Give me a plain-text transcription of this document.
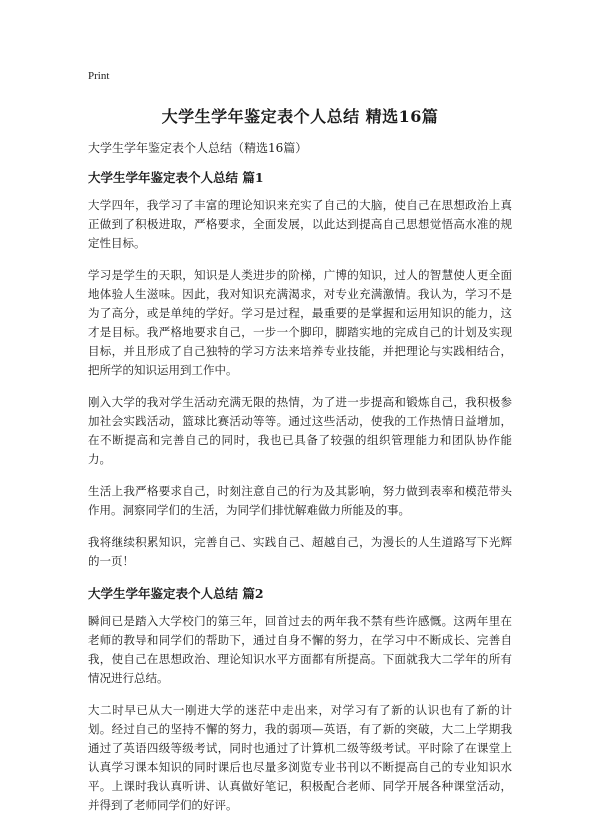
Print
大学生学年鉴定表个人总结 精选16篇
大学生学年鉴定表个人总结（精选16篇）
大学生学年鉴定表个人总结 篇1

大学四年，我学习了丰富的理论知识来充实了自己的大脑，使自己在思想政治上真正做到了积极进取，严格要求，全面发展，以此达到提高自己思想觉悟高水准的规定性目标。

学习是学生的天职，知识是人类进步的阶梯，广博的知识，过人的智慧使人更全面地体验人生滋味。因此，我对知识充满渴求，对专业充满激情。我认为，学习不是为了高分，或是单纯的学好。学习是过程，最重要的是掌握和运用知识的能力，这才是目标。我严格地要求自己，一步一个脚印，脚踏实地的完成自己的计划及实现目标，并且形成了自己独特的学习方法来培养专业技能，并把理论与实践相结合，把所学的知识运用到工作中。

刚入大学的我对学生活动充满无限的热情，为了进一步提高和锻炼自己，我积极参加社会实践活动，篮球比赛活动等等。通过这些活动，使我的工作热情日益增加，在不断提高和完善自己的同时，我也已具备了较强的组织管理能力和团队协作能力。

生活上我严格要求自己，时刻注意自己的行为及其影响，努力做到表率和模范带头作用。洞察同学们的生活，为同学们排忧解难做力所能及的事。

我将继续积累知识，完善自己、实践自己、超越自己，为漫长的人生道路写下光辉的一页！

大学生学年鉴定表个人总结 篇2

瞬间已是踏入大学校门的第三年，回首过去的两年我不禁有些许感慨。这两年里在老师的教导和同学们的帮助下，通过自身不懈的努力，在学习中不断成长、完善自我，使自己在思想政治、理论知识水平方面都有所提高。下面就我大二学年的所有情况进行总结。

大二时早已从大一刚进大学的迷茫中走出来，对学习有了新的认识也有了新的计划。经过自己的坚持不懈的努力，我的弱项—英语，有了新的突破，大二上学期我通过了英语四级等级考试，同时也通过了计算机二级等级考试。平时除了在课堂上认真学习课本知识的同时课后也尽量多浏览专业书刊以不断提高自己的专业知识水平。上课时我认真听讲、认真做好笔记，积极配合老师、同学开展各种课堂活动，并得到了老师同学们的好评。
